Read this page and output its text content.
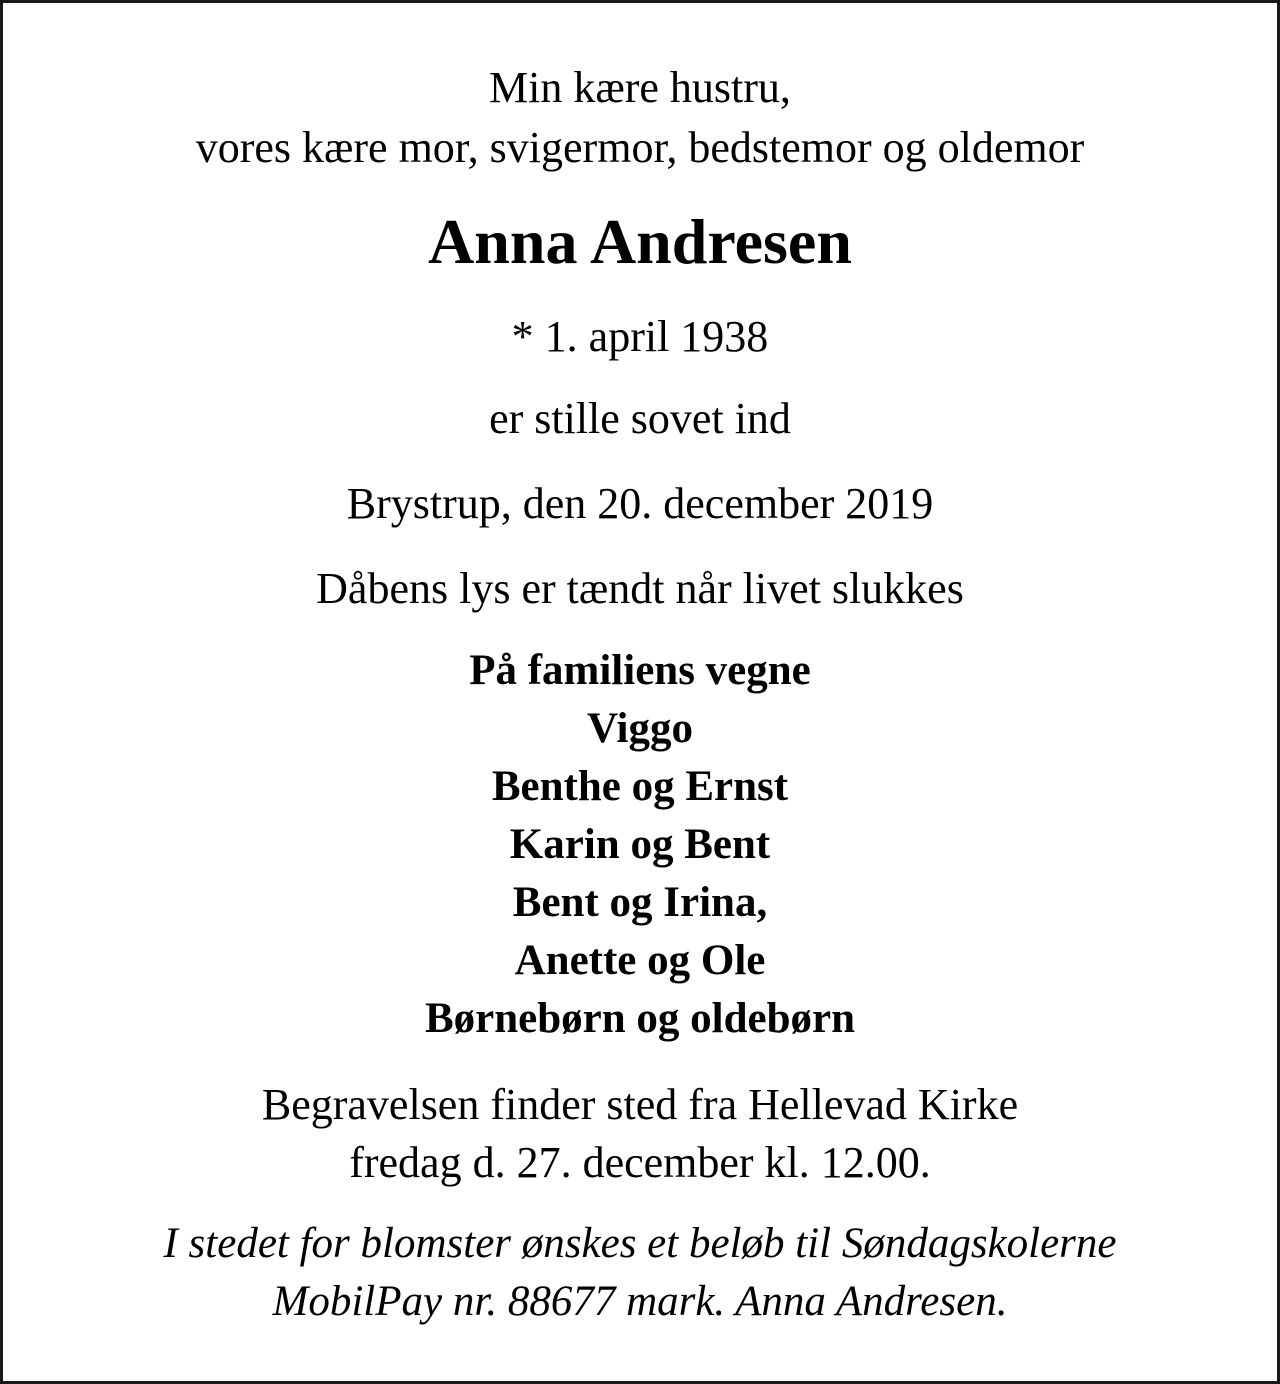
Min kære hustru,
vores kære mor, svigermor, bedstemor og oldemor
Anna Andresen
* 1. april 1938
er stille sovet ind
Brystrup, den 20. december 2019
Dåbens lys er tændt når livet slukkes
På familiens vegne
Viggo
Benthe og Ernst
Karin og Bent
Bent og Irina,
Anette og Ole
Børnebørn og oldebørn
Begravelsen finder sted fra Hellevad Kirke
fredag d. 27. december kl. 12.00.
I stedet for blomster ønskes et beløb til Søndagskolerne
MobilPay nr. 88677 mark. Anna Andresen.
